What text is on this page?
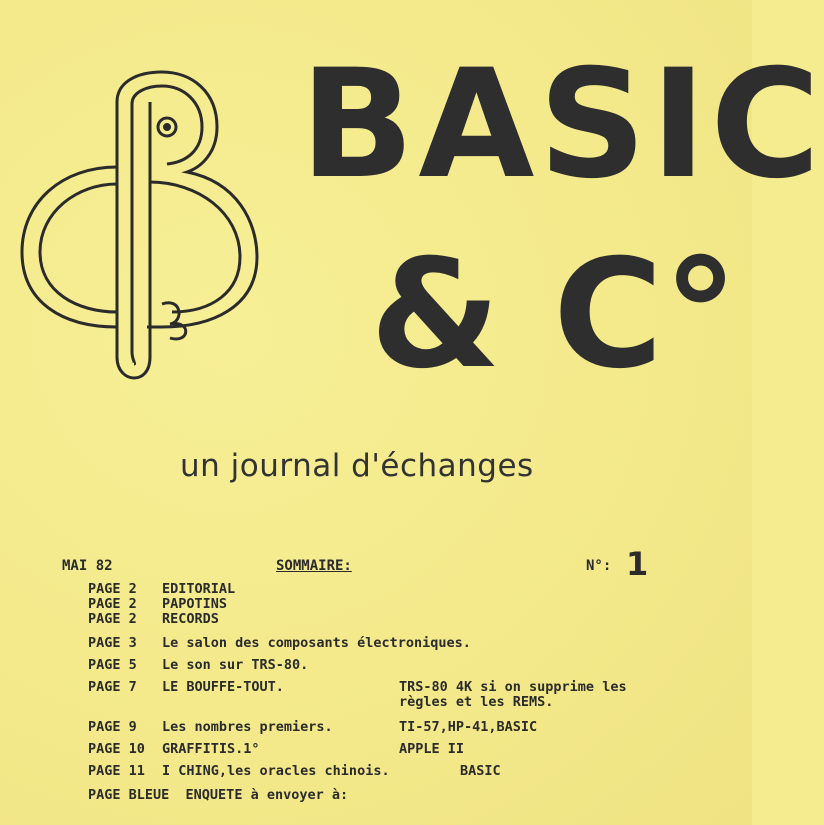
BASIC
& C°
un journal d'échanges
MAI 82	SOMMAIRE:	N°: 1
PAGE 2 EDITORIAL
PAGE 2 PAPOTINS
PAGE 2 RECORDS
PAGE 3 Le salon des composants électroniques.
PAGE 5 Le son sur TRS-80.
PAGE 7 LE BOUFFE-TOUT.	TRS-80 4K si on supprime les
règles et les REMS.
PAGE 9 Les nombres premiers.	TI-57,HP-41,BASIC
PAGE 10 GRAFFITIS.1°	APPLE II
PAGE 11 I CHING,les oracles chinois.	BASIC
PAGE BLEUE ENQUETE à envoyer à:
